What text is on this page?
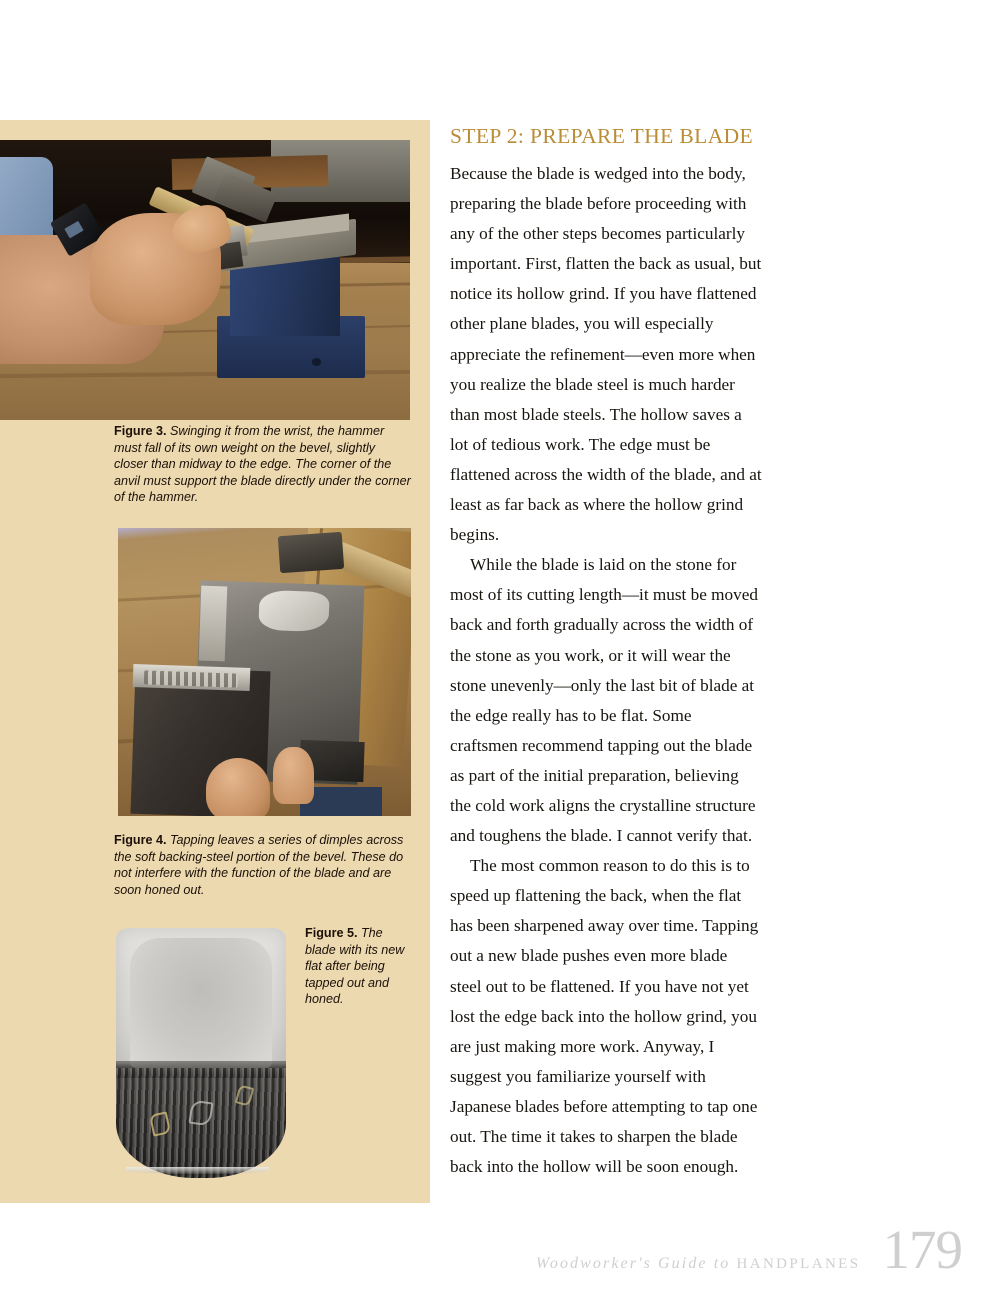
Figure 3. Swinging it from the wrist, the hammer must fall of its own weight on the bevel, slightly closer than midway to the edge. The corner of the anvil must support the blade directly under the corner of the hammer.
Figure 4. Tapping leaves a series of dimples across the soft backing-steel portion of the bevel. These do not interfere with the function of the blade and are soon honed out.
Figure 5. The blade with its new flat after being tapped out and honed.
STEP 2: PREPARE THE BLADE

Because the blade is wedged into the body, preparing the blade before proceeding with any of the other steps becomes particularly important. First, flatten the back as usual, but notice its hollow grind. If you have flattened other plane blades, you will especially appreciate the refinement—even more when you realize the blade steel is much harder than most blade steels. The hollow saves a lot of tedious work. The edge must be flattened across the width of the blade, and at least as far back as where the hollow grind begins.

While the blade is laid on the stone for most of its cutting length—it must be moved back and forth gradually across the width of the stone as you work, or it will wear the stone unevenly—only the last bit of blade at the edge really has to be flat. Some craftsmen recommend tapping out the blade as part of the initial preparation, believing the cold work aligns the crystalline structure and toughens the blade. I cannot verify that.

The most common reason to do this is to speed up flattening the back, when the flat has been sharpened away over time. Tapping out a new blade pushes even more blade steel out to be flattened. If you have not yet lost the edge back into the hollow grind, you are just making more work. Anyway, I suggest you familiarize yourself with Japanese blades before attempting to tap one out. The time it takes to sharpen the blade back into the hollow will be soon enough.

Woodworker's Guide to HANDPLANES 179
